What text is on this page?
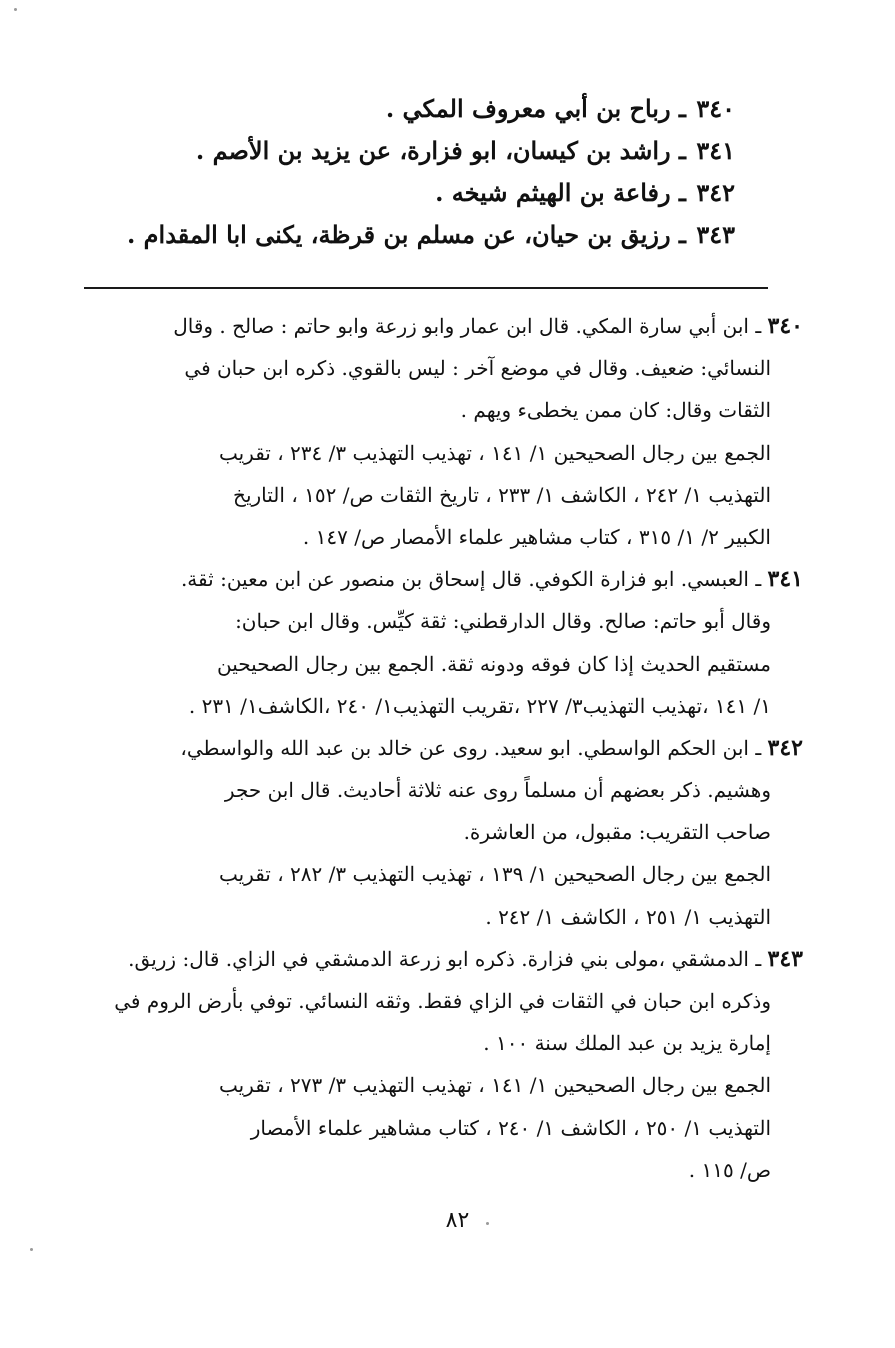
٣٤٠ ـ رباح بن أبي معروف المكي .
٣٤١ ـ راشد بن كيسان، ابو فزارة، عن يزيد بن الأصم .
٣٤٢ ـ رفاعة بن الهيثم شيخه .
٣٤٣ ـ رزيق بن حيان، عن مسلم بن قرظة، يكنى ابا المقدام .
٣٤٠ ـ ابن أبي سارة المكي. قال ابن عمار وابو زرعة وابو حاتم : صالح . وقال
النسائي: ضعيف. وقال في موضع آخر : ليس بالقوي. ذكره ابن حبان في
الثقات وقال: كان ممن يخطىء ويهم .
الجمع بين رجال الصحيحين ١/ ١٤١ ، تهذيب التهذيب ٣/ ٢٣٤ ، تقريب
التهذيب ١/ ٢٤٢ ، الكاشف ١/ ٢٣٣ ، تاريخ الثقات ص/ ١٥٢ ، التاريخ
الكبير ٢/ ١/ ٣١٥ ، كتاب مشاهير علماء الأمصار ص/ ١٤٧ .
٣٤١ ـ العبسي. ابو فزارة الكوفي. قال إسحاق بن منصور عن ابن معين: ثقة.
وقال أبو حاتم: صالح. وقال الدارقطني: ثقة كيِّس. وقال ابن حبان:
مستقيم الحديث إذا كان فوقه ودونه ثقة. الجمع بين رجال الصحيحين
١/ ١٤١ ،تهذيب التهذيب٣/ ٢٢٧ ،تقريب التهذيب١/ ٢٤٠ ،الكاشف١/ ٢٣١ .
٣٤٢ ـ ابن الحكم الواسطي. ابو سعيد. روى عن خالد بن عبد الله والواسطي،
وهشيم. ذكر بعضهم أن مسلماً روى عنه ثلاثة أحاديث. قال ابن حجر
صاحب التقريب: مقبول، من العاشرة.
الجمع بين رجال الصحيحين ١/ ١٣٩ ، تهذيب التهذيب ٣/ ٢٨٢ ، تقريب
التهذيب ١/ ٢٥١ ، الكاشف ١/ ٢٤٢ .
٣٤٣ ـ الدمشقي ،مولى بني فزارة. ذكره ابو زرعة الدمشقي في الزاي. قال: زريق.
وذكره ابن حبان في الثقات في الزاي فقط. وثقه النسائي. توفي بأرض الروم في
إمارة يزيد بن عبد الملك سنة ١٠٠ .
الجمع بين رجال الصحيحين ١/ ١٤١ ، تهذيب التهذيب ٣/ ٢٧٣ ، تقريب
التهذيب ١/ ٢٥٠ ، الكاشف ١/ ٢٤٠ ، كتاب مشاهير علماء الأمصار
ص/ ١١٥ .
٨٢
